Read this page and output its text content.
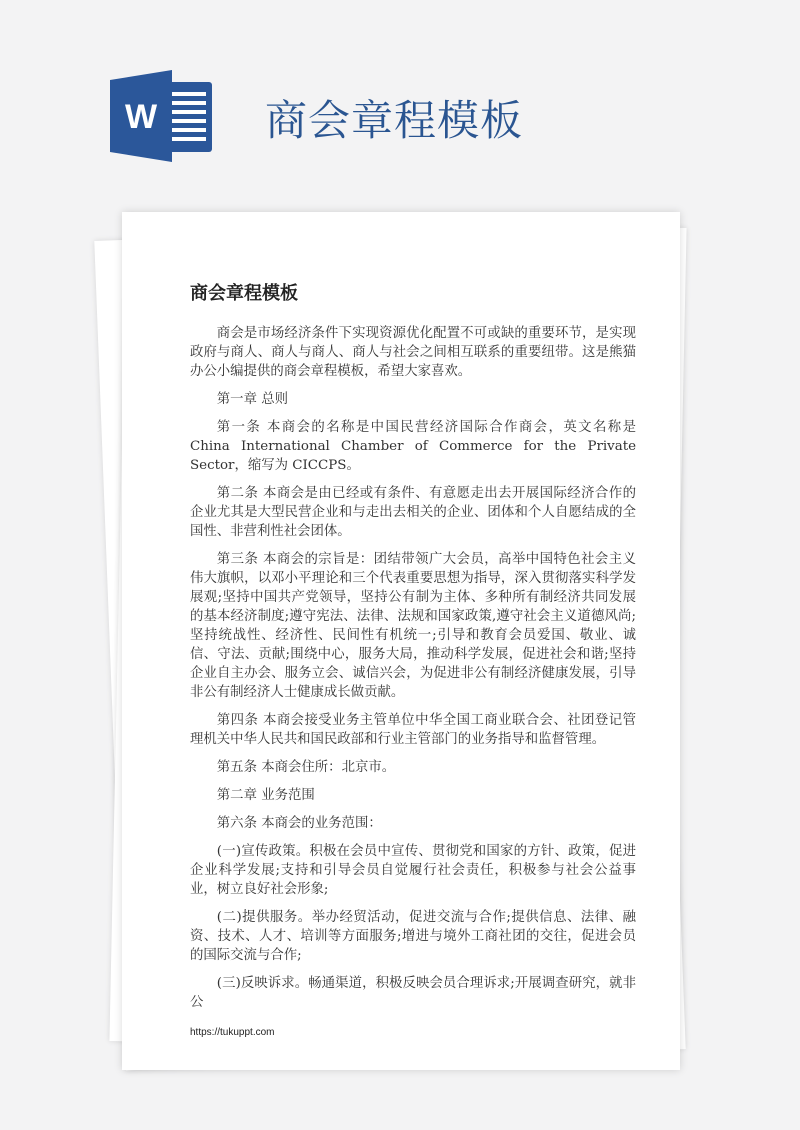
W	商会章程模板
商会章程模板

商会是市场经济条件下实现资源优化配置不可或缺的重要环节，是实现政府与商人、商人与商人、商人与社会之间相互联系的重要纽带。这是熊猫办公小编提供的商会章程模板，希望大家喜欢。

第一章 总则

第一条 本商会的名称是中国民营经济国际合作商会，英文名称是 China International Chamber of Commerce for the Private Sector，缩写为 CICCPS。

第二条 本商会是由已经或有条件、有意愿走出去开展国际经济合作的企业尤其是大型民营企业和与走出去相关的企业、团体和个人自愿结成的全国性、非营利性社会团体。

第三条 本商会的宗旨是：团结带领广大会员，高举中国特色社会主义伟大旗帜，以邓小平理论和三个代表重要思想为指导，深入贯彻落实科学发展观;坚持中国共产党领导，坚持公有制为主体、多种所有制经济共同发展的基本经济制度;遵守宪法、法律、法规和国家政策,遵守社会主义道德风尚;坚持统战性、经济性、民间性有机统一;引导和教育会员爱国、敬业、诚信、守法、贡献;围绕中心，服务大局，推动科学发展，促进社会和谐;坚持企业自主办会、服务立会、诚信兴会，为促进非公有制经济健康发展，引导非公有制经济人士健康成长做贡献。

第四条 本商会接受业务主管单位中华全国工商业联合会、社团登记管理机关中华人民共和国民政部和行业主管部门的业务指导和监督管理。

第五条 本商会住所：北京市。

第二章 业务范围

第六条 本商会的业务范围：

(一)宣传政策。积极在会员中宣传、贯彻党和国家的方针、政策，促进企业科学发展;支持和引导会员自觉履行社会责任，积极参与社会公益事业，树立良好社会形象;

(二)提供服务。举办经贸活动，促进交流与合作;提供信息、法律、融资、技术、人才、培训等方面服务;增进与境外工商社团的交往，促进会员的国际交流与合作;

(三)反映诉求。畅通渠道，积极反映会员合理诉求;开展调查研究，就非公

https://tukuppt.com
